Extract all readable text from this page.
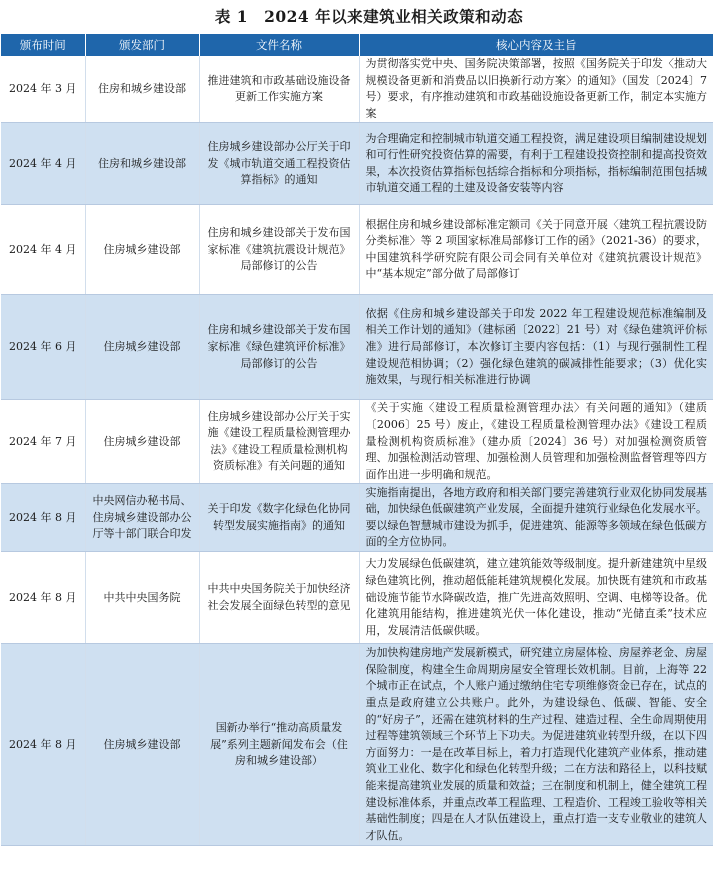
表 1　2024 年以来建筑业相关政策和动态
颁布时间	颁发部门	文件名称	核心内容及主旨
2024 年 3 月	住房和城乡建设部	推进建筑和市政基础设施设备更新工作实施方案	为贯彻落实党中央、国务院决策部署，按照《国务院关于印发〈推动大规模设备更新和消费品以旧换新行动方案〉的通知》（国发〔2024〕7 号）要求，有序推动建筑和市政基础设施设备更新工作，制定本实施方案
2024 年 4 月	住房和城乡建设部	住房城乡建设部办公厅关于印发《城市轨道交通工程投资估算指标》的通知	为合理确定和控制城市轨道交通工程投资，满足建设项目编制建设规划和可行性研究投资估算的需要，有利于工程建设投资控制和提高投资效果，本次投资估算指标包括综合指标和分项指标，指标编制范围包括城市轨道交通工程的土建及设备安装等内容
2024 年 4 月	住房城乡建设部	住房和城乡建设部关于发布国家标准《建筑抗震设计规范》局部修订的公告	根据住房和城乡建设部标准定额司《关于同意开展〈建筑工程抗震设防分类标准〉等 2 项国家标准局部修订工作的函》（2021-36）的要求，中国建筑科学研究院有限公司会同有关单位对《建筑抗震设计规范》中“基本规定”部分做了局部修订
2024 年 6 月	住房城乡建设部	住房和城乡建设部关于发布国家标准《绿色建筑评价标准》局部修订的公告	依据《住房和城乡建设部关于印发 2022 年工程建设规范标准编制及相关工作计划的通知》（建标函〔2022〕21 号）对《绿色建筑评价标准》进行局部修订，本次修订主要内容包括：（1）与现行强制性工程建设规范相协调；（2）强化绿色建筑的碳减排性能要求；（3）优化实施效果，与现行相关标准进行协调
2024 年 7 月	住房城乡建设部	住房城乡建设部办公厅关于实施《建设工程质量检测管理办法》《建设工程质量检测机构资质标准》有关问题的通知	《关于实施〈建设工程质量检测管理办法〉有关问题的通知》（建质〔2006〕25 号）废止，《建设工程质量检测管理办法》《建设工程质量检测机构资质标准》（建办质〔2024〕36 号）对加强检测资质管理、加强检测活动管理、加强检测人员管理和加强检测监督管理等四方面作出进一步明确和规范。
2024 年 8 月	中央网信办秘书局、住房城乡建设部办公厅等十部门联合印发	关于印发《数字化绿色化协同转型发展实施指南》的通知	实施指南提出，各地方政府和相关部门要完善建筑行业双化协同发展基础，加快绿色低碳建筑产业发展，全面提升建筑行业绿色化发展水平。要以绿色智慧城市建设为抓手，促进建筑、能源等多领域在绿色低碳方面的全方位协同。
2024 年 8 月	中共中央国务院	中共中央国务院关于加快经济社会发展全面绿色转型的意见	大力发展绿色低碳建筑，建立建筑能效等级制度。提升新建建筑中星级绿色建筑比例，推动超低能耗建筑规模化发展。加快既有建筑和市政基础设施节能节水降碳改造，推广先进高效照明、空调、电梯等设备。优化建筑用能结构，推进建筑光伏一体化建设，推动“光储直柔”技术应用，发展清洁低碳供暖。
2024 年 8 月	住房城乡建设部	国新办举行“推动高质量发展”系列主题新闻发布会（住房和城乡建设部）	为加快构建房地产发展新模式，研究建立房屋体检、房屋养老金、房屋保险制度，构建全生命周期房屋安全管理长效机制。目前，上海等 22 个城市正在试点，个人账户通过缴纳住宅专项维修资金已存在，试点的重点是政府建立公共账户。此外，为建设绿色、低碳、智能、安全的“好房子”，还需在建筑材料的生产过程、建造过程、全生命周期使用过程等建筑领域三个环节上下功夫。为促进建筑业转型升级，在以下四方面努力：一是在改革目标上，着力打造现代化建筑产业体系，推动建筑业工业化、数字化和绿色化转型升级；二在方法和路径上，以科技赋能来提高建筑业发展的质量和效益；三在制度和机制上，健全建筑工程建设标准体系，并重点改革工程监理、工程造价、工程竣工验收等相关基础性制度；四是在人才队伍建设上，重点打造一支专业敬业的建筑人才队伍。
